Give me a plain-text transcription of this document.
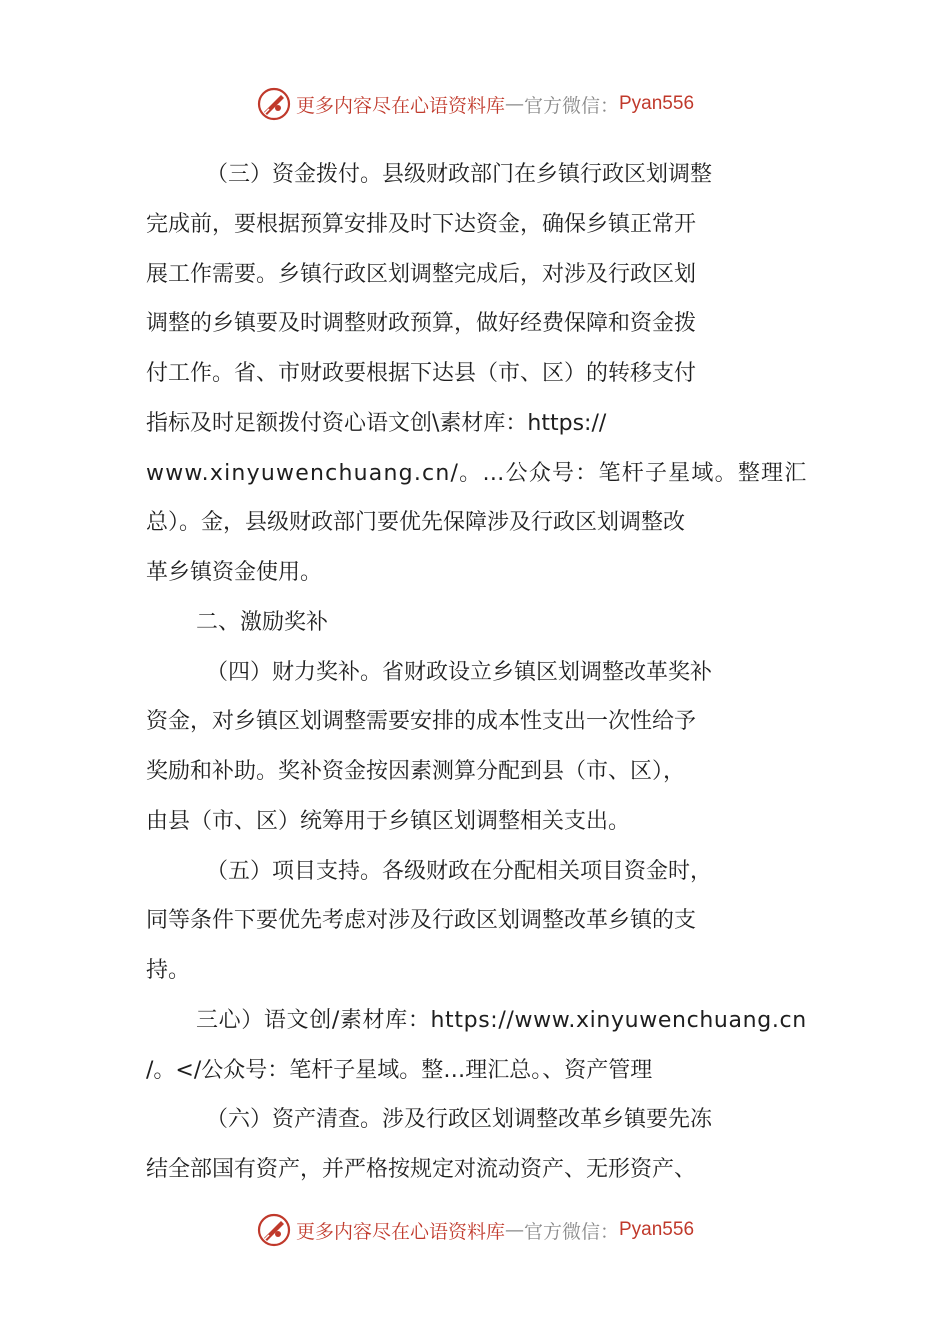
更多内容尽在心语资料库 — 官方微信： Pyan556
（三）资金拨付。县级财政部门在乡镇行政区划调整
完成前，要根据预算安排及时下达资金，确保乡镇正常开
展工作需要。乡镇行政区划调整完成后，对涉及行政区划
调整的乡镇要及时调整财政预算，做好经费保障和资金拨
付工作。省、市财政要根据下达县（市、区）的转移支付
指标及时足额拨付资心语文创\素材库：https://
www.xinyuwenchuang.cn/。…公众号：笔杆子星域。整理汇
总）。金，县级财政部门要优先保障涉及行政区划调整改
革乡镇资金使用。
二、激励奖补
（四）财力奖补。省财政设立乡镇区划调整改革奖补
资金，对乡镇区划调整需要安排的成本性支出一次性给予
奖励和补助。奖补资金按因素测算分配到县（市、区），
由县（市、区）统筹用于乡镇区划调整相关支出。
（五）项目支持。各级财政在分配相关项目资金时，
同等条件下要优先考虑对涉及行政区划调整改革乡镇的支
持。
三心）语文创/素材库：https://www.xinyuwenchuang.cn
/。</公众号：笔杆子星域。整…理汇总。、资产管理
（六）资产清查。涉及行政区划调整改革乡镇要先冻
结全部国有资产，并严格按规定对流动资产、无形资产、
更多内容尽在心语资料库 — 官方微信： Pyan556
